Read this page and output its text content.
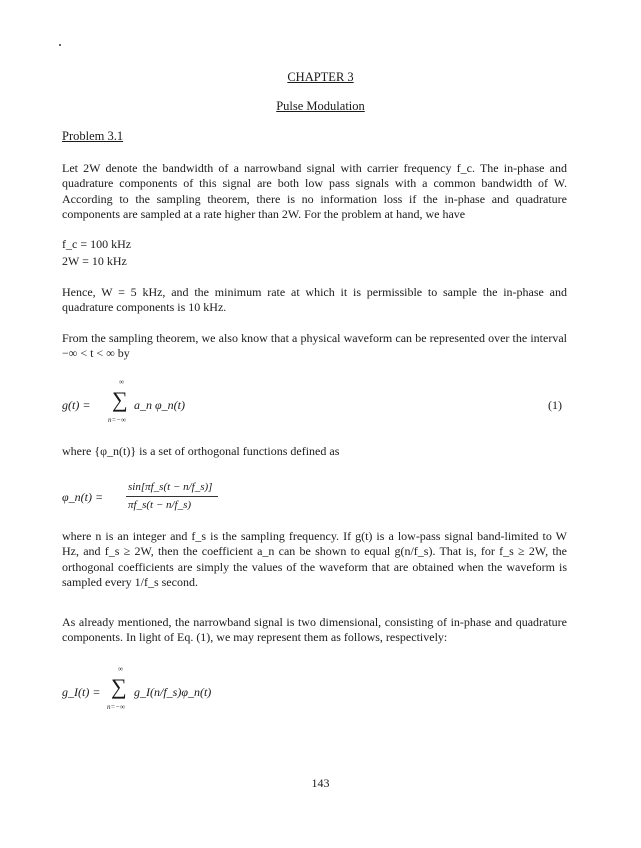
CHAPTER 3
Pulse Modulation
Problem 3.1
Let 2W denote the bandwidth of a narrowband signal with carrier frequency f_c. The in-phase and quadrature components of this signal are both low pass signals with a common bandwidth of W. According to the sampling theorem, there is no information loss if the in-phase and quadrature components are sampled at a rate higher than 2W. For the problem at hand, we have
f_c = 100 kHz
2W = 10 kHz
Hence, W = 5 kHz, and the minimum rate at which it is permissible to sample the in-phase and quadrature components is 10 kHz.
From the sampling theorem, we also know that a physical waveform can be represented over the interval −∞ < t < ∞ by
g(t) =
∞
∑
n=−∞
a_n φ_n(t)	(1)
where {φ_n(t)} is a set of orthogonal functions defined as
φ_n(t) =
sin[πf_s(t − n/f_s)]
πf_s(t − n/f_s)
where n is an integer and f_s is the sampling frequency. If g(t) is a low-pass signal band-limited to W Hz, and f_s ≥ 2W, then the coefficient a_n can be shown to equal g(n/f_s). That is, for f_s ≥ 2W, the orthogonal coefficients are simply the values of the waveform that are obtained when the waveform is sampled every 1/f_s second.
As already mentioned, the narrowband signal is two dimensional, consisting of in-phase and quadrature components. In light of Eq. (1), we may represent them as follows, respectively:
g_I(t) =
∞
∑
n=−∞
g_I(n/f_s)φ_n(t)
143
